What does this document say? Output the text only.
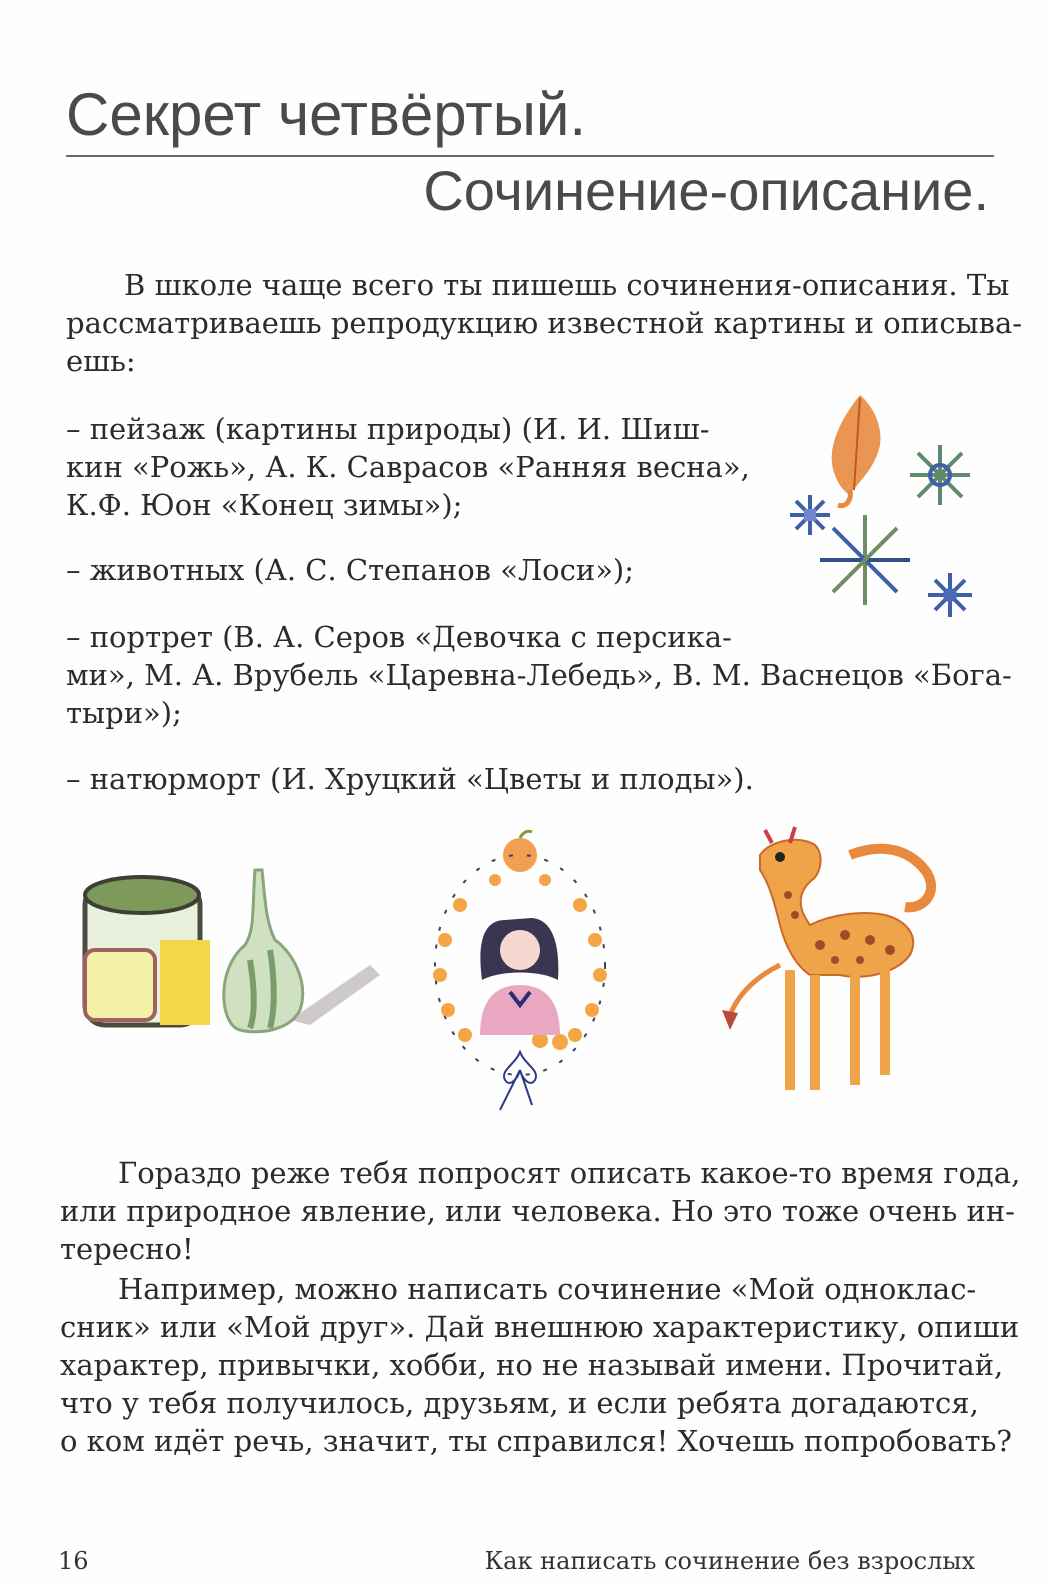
Секрет четвёртый.
Сочинение-описание.
В школе чаще всего ты пишешь сочинения-описания. Ты
рассматриваешь репродукцию известной картины и описыва-
ешь:
– пейзаж (картины природы) (И. И. Шиш-
кин «Рожь», А. К. Саврасов «Ранняя весна»,
К.Ф. Юон «Конец зимы»);
– животных (А. С. Степанов «Лоси»);
– портрет (В. А. Серов «Девочка с персика-
ми», М. А. Врубель «Царевна-Лебедь», В. М. Васнецов «Бога-
тыри»);
– натюрморт (И. Хруцкий «Цветы и плоды»).
Гораздо реже тебя попросят описать какое-то время года,
или природное явление, или человека. Но это тоже очень ин-
тересно!
Например, можно написать сочинение «Мой одноклас-
сник» или «Мой друг». Дай внешнюю характеристику, опиши
характер, привычки, хобби, но не называй имени. Прочитай,
что у тебя получилось, друзьям, и если ребята догадаются,
о ком идёт речь, значит, ты справился! Хочешь попробовать?
16	Как написать сочинение без взрослых
